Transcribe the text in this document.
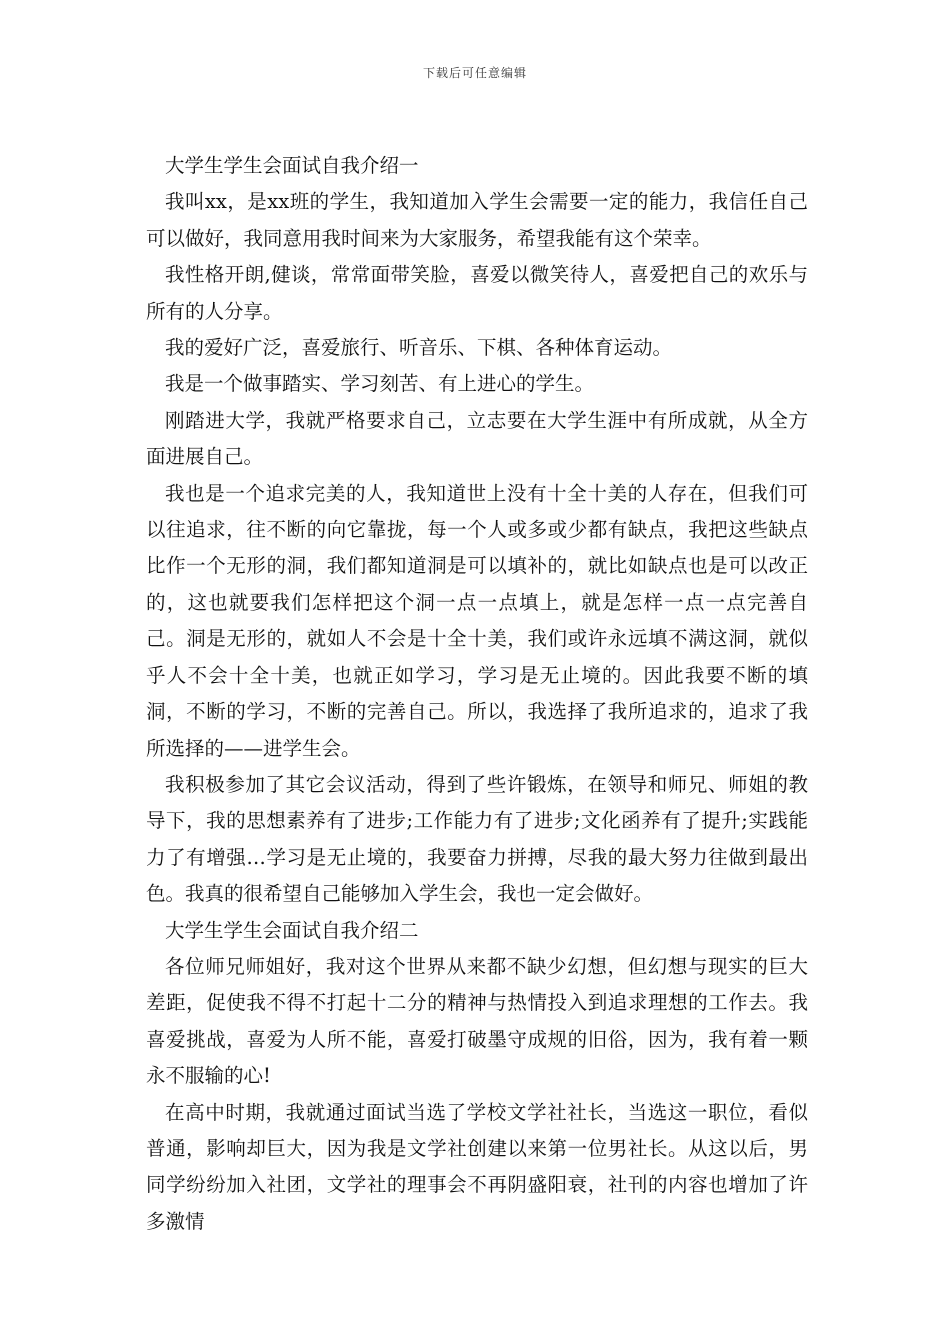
下载后可任意编辑

大学生学生会面试自我介绍一

我叫xx，是xx班的学生，我知道加入学生会需要一定的能力，我信任自己可以做好，我同意用我时间来为大家服务，希望我能有这个荣幸。

我性格开朗,健谈，常常面带笑脸，喜爱以微笑待人，喜爱把自己的欢乐与所有的人分享。

我的爱好广泛，喜爱旅行、听音乐、下棋、各种体育运动。

我是一个做事踏实、学习刻苦、有上进心的学生。

刚踏进大学，我就严格要求自己，立志要在大学生涯中有所成就，从全方面进展自己。

我也是一个追求完美的人，我知道世上没有十全十美的人存在，但我们可以往追求，往不断的向它靠拢，每一个人或多或少都有缺点，我把这些缺点比作一个无形的洞，我们都知道洞是可以填补的，就比如缺点也是可以改正的，这也就要我们怎样把这个洞一点一点填上，就是怎样一点一点完善自己。洞是无形的，就如人不会是十全十美，我们或许永远填不满这洞，就似乎人不会十全十美，也就正如学习，学习是无止境的。因此我要不断的填洞，不断的学习，不断的完善自己。所以，我选择了我所追求的，追求了我所选择的——进学生会。

我积极参加了其它会议活动，得到了些许锻炼，在领导和师兄、师姐的教导下，我的思想素养有了进步;工作能力有了进步;文化函养有了提升;实践能力了有增强…学习是无止境的，我要奋力拼搏，尽我的最大努力往做到最出色。我真的很希望自己能够加入学生会，我也一定会做好。

大学生学生会面试自我介绍二

各位师兄师姐好，我对这个世界从来都不缺少幻想，但幻想与现实的巨大差距，促使我不得不打起十二分的精神与热情投入到追求理想的工作去。我喜爱挑战，喜爱为人所不能，喜爱打破墨守成规的旧俗，因为，我有着一颗永不服输的心!

在高中时期，我就通过面试当选了学校文学社社长，当选这一职位，看似普通，影响却巨大，因为我是文学社创建以来第一位男社长。从这以后，男同学纷纷加入社团，文学社的理事会不再阴盛阳衰，社刊的内容也增加了许多激情
